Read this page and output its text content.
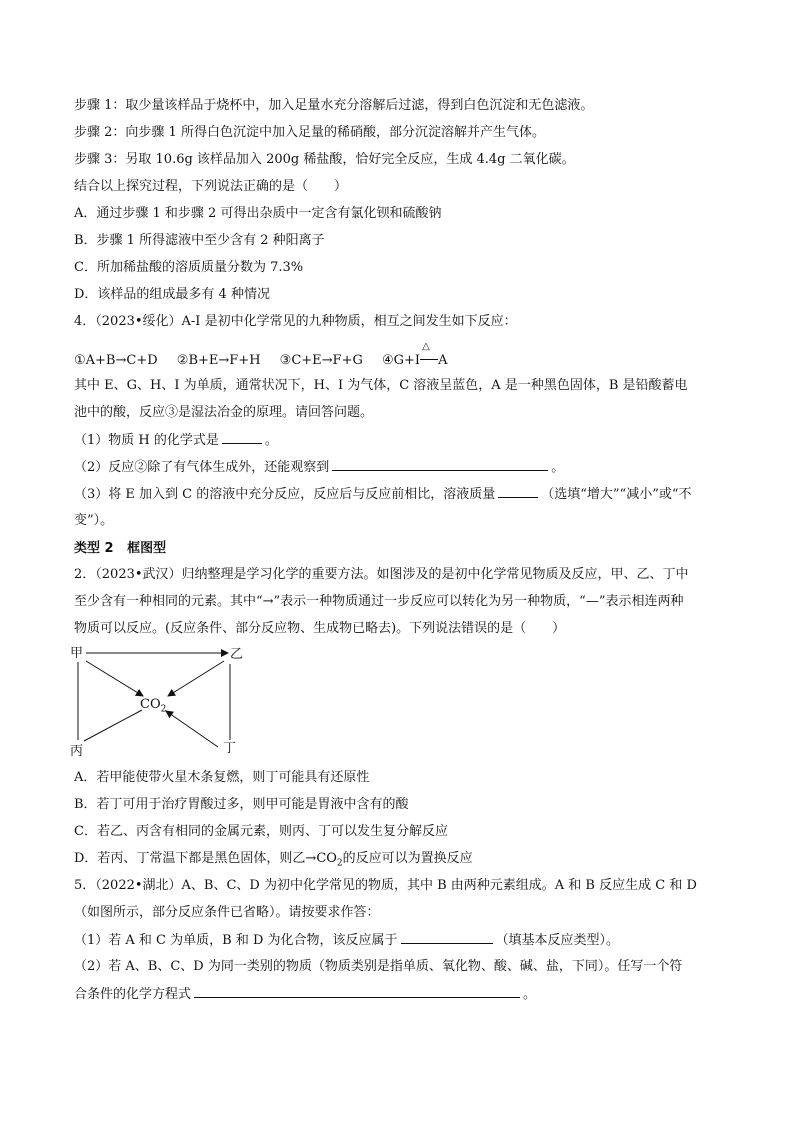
步骤 1：取少量该样品于烧杯中，加入足量水充分溶解后过滤，得到白色沉淀和无色滤液。
步骤 2：向步骤 1 所得白色沉淀中加入足量的稀硝酸，部分沉淀溶解并产生气体。
步骤 3：另取 10.6g 该样品加入 200g 稀盐酸，恰好完全反应，生成 4.4g 二氧化碳。
结合以上探究过程，下列说法正确的是（　　）
A．通过步骤 1 和步骤 2 可得出杂质中一定含有氯化钡和硫酸钠
B．步骤 1 所得滤液中至少含有 2 种阳离子
C．所加稀盐酸的溶质质量分数为 7.3%
D．该样品的组成最多有 4 种情况
4．（2023•绥化）A-I 是初中化学常见的九种物质，相互之间发生如下反应：
①A+B→C+D ②B+E→F+H ③C+E→F+G ④G+I
△
A
其中 E、G、H、I 为单质，通常状况下，H、I 为气体，C 溶液呈蓝色，A 是一种黑色固体，B 是铅酸蓄电
池中的酸，反应③是湿法冶金的原理。请回答问题。
（1）物质 H 的化学式是	。
（2）反应②除了有气体生成外，还能观察到	。
（3）将 E 加入到 C 的溶液中充分反应，反应后与反应前相比，溶液质量	（选填“增大”“减小”或“不
变”）。
类型 2 框图型
2．（2023•武汉）归纳整理是学习化学的重要方法。如图涉及的是初中化学常见物质及反应，甲、乙、丁中
至少含有一种相同的元素。其中“→”表示一种物质通过一步反应可以转化为另一种物质，“—”表示相连两种
物质可以反应。(反应条件、部分反应物、生成物已略去)。下列说法错误的是（　　）
甲	乙
丙	丁
$CO_2$
A．若甲能使带火星木条复燃，则丁可能具有还原性
B．若丁可用于治疗胃酸过多，则甲可能是胃液中含有的酸
C．若乙、丙含有相同的金属元素，则丙、丁可以发生复分解反应
D．若丙、丁常温下都是黑色固体，则乙$\to CO_2$的反应可以为置换反应
5．（2022•湖北）A、B、C、D 为初中化学常见的物质，其中 B 由两种元素组成。A 和 B 反应生成 C 和 D
（如图所示，部分反应条件已省略）。请按要求作答：
（1）若 A 和 C 为单质，B 和 D 为化合物，该反应属于	（填基本反应类型）。
（2）若 A、B、C、D 为同一类别的物质（物质类别是指单质、氧化物、酸、碱、盐，下同）。任写一个符
合条件的化学方程式	。
